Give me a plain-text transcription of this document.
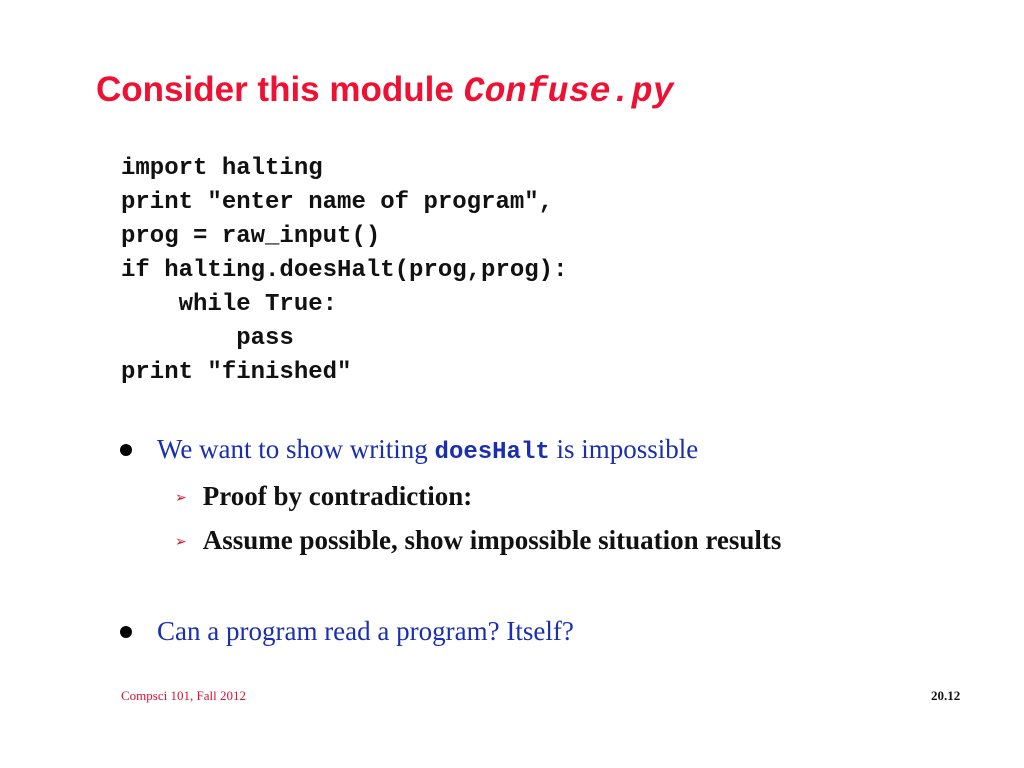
Consider this module Confuse.py
import halting
print "enter name of program",
prog = raw_input()
if halting.doesHalt(prog,prog):
while True:
pass
print "finished"
We want to show writing doesHalt is impossible
➢ Proof by contradiction:
➢ Assume possible, show impossible situation results
Can a program read a program? Itself?
Compsci 101, Fall 2012	20.12
